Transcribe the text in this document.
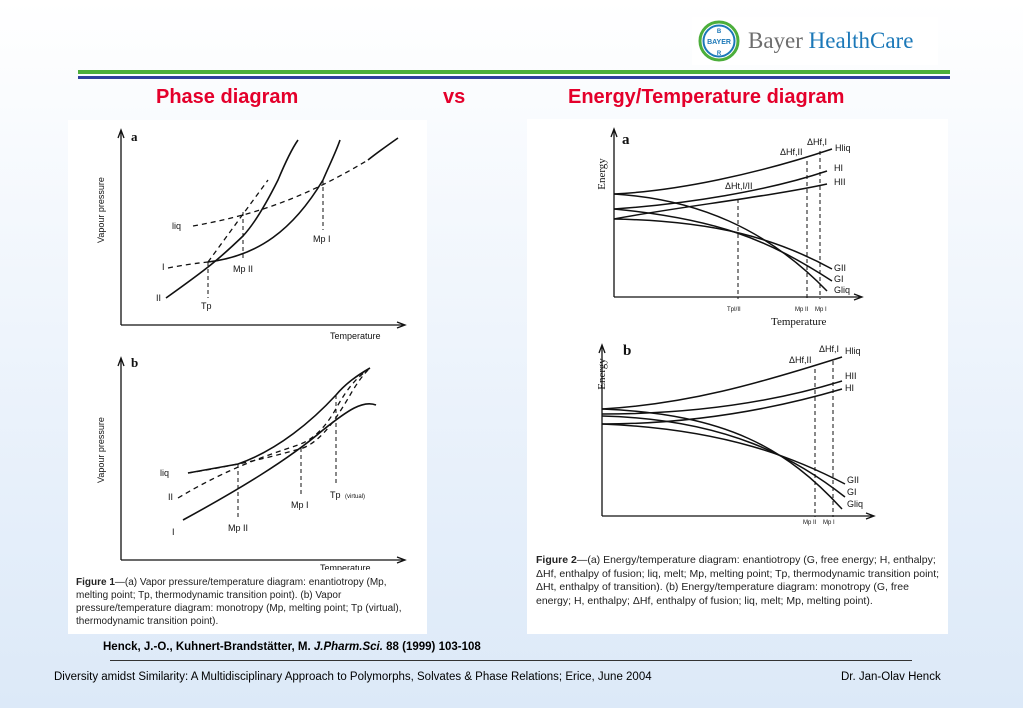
BAYER
B
R
Bayer HealthCare
Phase diagram	vs	Energy/Temperature diagram
a
Vapour pressure
Temperature
liq
I
II
Tp
Mp II
Mp I
b
Vapour pressure
Temperature
liq
II
I	Mp II
Mp I
Tp (virtual)
Figure 1—(a) Vapor pressure/temperature diagram: enantiotropy (Mp, melting point; Tp, thermodynamic transition point). (b) Vapor pressure/temperature diagram: monotropy (Mp, melting point; Tp (virtual), thermodynamic transition point).
a
Energy
Temperature
Hliq
HI
HII
ΔHf,I
ΔHf,II
ΔHt,I/II
GII
GI
Gliq
TpI/II	Mp II Mp I
b
Energy
Hliq
HII
HI
ΔHf,I
ΔHf,II
GII
GI
Gliq
Mp II Mp I
Figure 2—(a) Energy/temperature diagram: enantiotropy (G, free energy; H, enthalpy; ΔHf, enthalpy of fusion; liq, melt; Mp, melting point; Tp, thermodynamic transition point; ΔHt, enthalpy of transition). (b) Energy/temperature diagram: monotropy (G, free energy; H, enthalpy; ΔHf, enthalpy of fusion; liq, melt; Mp, melting point).
Henck, J.-O., Kuhnert-Brandstätter, M. J.Pharm.Sci. 88 (1999) 103-108
Diversity amidst Similarity: A Multidisciplinary Approach to Polymorphs, Solvates & Phase Relations; Erice, June 2004	Dr. Jan-Olav Henck
